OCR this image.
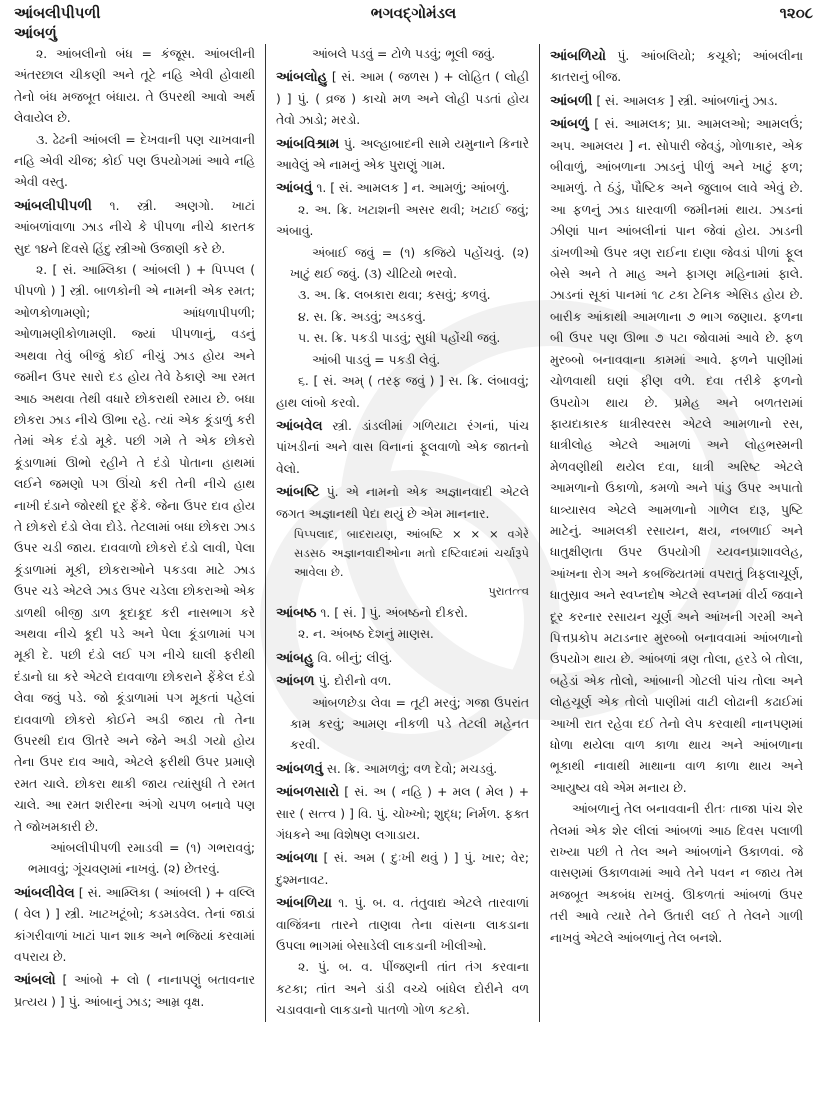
આંબલીપીપળી	ભગવદ્ગોમંડલ	૧૨૦૮
આંબળું

૨. આંબલીનો બંધ = કંજૂસ. આંબલીની અંતરછાલ ચીકણી અને તૂટે નહિ એવી હોવાથી તેનો બંધ મજબૂત બંધાય. તે ઉપરથી આવો અર્થ લેવાયેલ છે.

૩. ઢેઢની આંબલી = દેખવાની પણ ચાખવાની નહિ એવી ચીજ; કોઈ પણ ઉપયોગમાં આવે નહિ એવી વસ્તુ.

આંબલીપીપળી ૧. સ્ત્રી. અણગો. ખાટાં આંબળાંવાળા ઝાડ નીચે કે પીપળા નીચે કારતક સુદ ૧૪ને દિવસે હિંદુ સ્ત્રીઓ ઉજાણી કરે છે.

૨. [ સં. આમ્લિકા ( આંબલી ) + પિપ્પલ ( પીપળો ) ] સ્ત્રી. બાળકોની એ નામની એક રમત; ઓળકોળામણો; આંધળાપીપળી; ઓળામણીકોળામણી. જ્યાં પીપળાનું, વડનું અથવા તેવું બીજું કોઈ નીચું ઝાડ હોય અને જમીન ઉપર સારો દડ હોય તેવે ઠેકાણે આ રમત આઠ અથવા તેથી વધારે છોકરાથી રમાય છે. બધા છોકરા ઝાડ નીચે ઊભા રહે. ત્યાં એક કૂંડાળું કરી તેમાં એક દંડો મૂકે. પછી ગમે તે એક છોકરો કૂંડાળામાં ઊભો રહીને તે દંડો પોતાના હાથમાં લઈને જમણો પગ ઊંચો કરી તેની નીચે હાથ નાખી દંડાને જોરથી દૂર ફેંકે. જેના ઉપર દાવ હોય તે છોકરો દંડો લેવા દોડે. તેટલામાં બધા છોકરા ઝાડ ઉપર ચડી જાય. દાવવાળો છોકરો દંડો લાવી, પેલા કૂંડાળામાં મૂકી, છોકરાઓને પકડવા માટે ઝાડ ઉપર ચડે એટલે ઝાડ ઉપર ચડેલા છોકરાઓ એક ડાળથી બીજી ડાળ કૂદાકૂદ કરી નાસભાગ કરે અથવા નીચે કૂદી પડે અને પેલા કૂંડાળામાં પગ મૂકી દે. પછી દંડો લઈ પગ નીચે ઘાલી ફરીથી દંડાનો ઘા કરે એટલે દાવવાળા છોકરાને ફેંકેલ દંડો લેવા જવું પડે. જો કૂંડાળામાં પગ મૂકતાં પહેલાં દાવવાળો છોકરો કોઈને અડી જાય તો તેના ઉપરથી દાવ ઊતરે અને જેને અડી ગયો હોય તેના ઉપર દાવ આવે, એટલે ફરીથી ઉપર પ્રમાણે રમત ચાલે. છોકરા થાકી જાય ત્યાંસુધી તે રમત ચાલે. આ રમત શરીરના અંગો ચપળ બનાવે પણ તે જોખમકારી છે.

આંબલીપીપળી રમાડવી = (૧) ગભરાવવું; ભમાવવું; ગૂંચવણમાં નાખવું. (૨) છેતરવું.

આંબલીવેલ [ સં. આમ્લિકા ( આંબલી ) + વલ્લિ ( વેલ ) ] સ્ત્રી. ખાટખટૂંબો; કડમડવેલ. તેનાં જાડાં કાંગરીવાળાં ખાટાં પાન શાક અને ભજિયાં કરવામાં વપરાય છે.

આંબલો [ આંબો + લો ( નાનાપણું બતાવનાર પ્રત્યય ) ] પું. આંબાનું ઝાડ; આમ્ર વૃક્ષ.

આંબલે પડવું = ટોળે પડવું; ભૂલી જવું.

આંબલોહુ [ સં. આમ ( જળસ ) + લોહિત ( લોહી ) ] પું. ( વ્રજ ) કાચો મળ અને લોહી પડતાં હોય તેવો ઝાડો; મરડો.

આંબવિશ્રામ પું. અલ્હાબાદની સામે યમુનાને કિનારે આવેલું એ નામનું એક પુરાણું ગામ.

આંબવું ૧. [ સં. આમલક ] ન. આમળું; આંબળું.

૨. અ. ક્રિ. ખટાશની અસર થવી; ખટાઈ જવું; અંબાવું.

અંબાઈ જવું = (૧) કજિયે પહોંચવું. (૨) ખાટું થઈ જવું. (૩) ચીટિયો ભરવો.

૩. અ. ક્રિ. લબકારા થવા; કસવું; કળવું.

૪. સ. ક્રિ. અડવું; અડકવું.

૫. સ. ક્રિ. પકડી પાડવું; સુધી પહોંચી જવું.

આંબી પાડવું = પકડી લેવું.

૬. [ સં. અમ્ ( તરફ જવું ) ] સ. ક્રિ. લંબાવવું; હાથ લાંબો કરવો.

આંબવેલ સ્ત્રી. ડાંડલીમાં ગળિયાટા રંગનાં, પાંચ પાંખડીનાં અને વાસ વિનાનાં ફૂલવાળો એક જાતનો વેલો.

આંબષ્ટિ પું. એ નામનો એક અજ્ઞાનવાદી એટલે જગત અજ્ઞાનથી પેદા થયું છે એમ માનનાર.

પિપ્પલાદ, બાદરાયણ, આંબષ્ટિ × × × વગેરે સડસઠ અજ્ઞાનવાદીઓના મતો દષ્ટિવાદમાં ચર્ચારૂપે આવેલા છે.
પુરાતત્ત્વ

આંબષ્ઠ ૧. [ સં. ] પું. અંબષ્ઠનો દીકરો.

૨. ન. અંબષ્ઠ દેશનું માણસ.

આંબહુ વિ. બીનું; લીલું.

આંબળ પું. દોરીનો વળ.

આંબળછેડા લેવા = તૂટી મરવું; ગજા ઉપરાંત કામ કરવું; આમણ નીકળી પડે તેટલી મહેનત કરવી.

આંબળવું સ. ક્રિ. આમળવું; વળ દેવો; મચડવું.

આંબળસારો [ સં. અ ( નહિ ) + મલ ( મેલ ) + સાર ( સત્ત્વ ) ] વિ. પું. ચોખ્ખો; શુદ્ધ; નિર્મળ. ફક્ત ગંધકને આ વિશેષણ લગાડાય.

આંબળા [ સં. અમ ( દુઃખી થવું ) ] પું. ખાર; વેર; દુશ્મનાવટ.

આંબળિયા ૧. પું. બ. વ. તંતુવાદ્ય એટલે તારવાળાં વાજિંત્રના તારને તાણવા તેના વાંસના લાકડાના ઉપલા ભાગમાં બેસાડેલી લાકડાની ખીલીઓ.

૨. પું. બ. વ. પીંજણની તાંત તંગ કરવાના કટકા; તાંત અને ડાંડી વચ્ચે બાંધેલ દોરીને વળ ચડાવવાનો લાકડાનો પાતળો ગોળ કટકો.

આંબળિયો પું. આંબલિયો; કચૂકો; આંબલીના કાતરાનું બીજ.

આંબળી [ સં. આમલક ] સ્ત્રી. આંબળાંનું ઝાડ.

આંબળું [ સં. આમલક; પ્રા. આમલઓ; આમલઉં; અપ. આમલય ] ન. સોપારી જેવડું, ગોળાકાર, એક બીવાળું, આંબળાના ઝાડનું પીળું અને ખાટું ફળ; આમળું. તે ઠંડું, પૌષ્ટિક અને જુલાબ લાવે એવું છે. આ ફળનું ઝાડ ધારવાળી જમીનમાં થાય. ઝાડનાં ઝીણાં પાન આંબલીનાં પાન જેવાં હોય. ઝાડની ડાંખળીઓ ઉપર ત્રણ રાઈના દાણા જેવડાં પીળાં ફૂલ બેસે અને તે માહ અને ફાગણ મહિનામાં ફાલે. ઝાડનાં સૂકાં પાનમાં ૧૮ ટકા ટેનિક એસિડ હોય છે. બારીક આંકાથી આમળાના ૭ ભાગ જણાય. ફળના બી ઉપર પણ ઊભા ૭ પટા જોવામાં આવે છે. ફળ મુરબ્બો બનાવવાના કામમાં આવે. ફળને પાણીમાં ચોળવાથી ઘણાં ફીણ વળે. દવા તરીકે ફળનો ઉપયોગ થાય છે. પ્રમેહ અને બળતરામાં ફાયદાકારક ધાત્રીસ્વરસ એટલે આમળાનો રસ, ધાત્રીલોહ એટલે આમળાં અને લોહભસ્મની મેળવણીથી થયેલ દવા, ધાત્રી અરિષ્ટ એટલે આમળાનો ઉકાળો, કમળો અને પાંડુ ઉપર અપાતો ધાત્ર્યાસવ એટલે આમળાનો ગાળેલ દારૂ, પુષ્ટિ માટેનું. આમલકી રસાયન, ક્ષય, નબળાઈ અને ધાતુક્ષીણતા ઉપર ઉપયોગી ચ્યવનપ્રાશાવલેહ, આંખના રોગ અને કબજિયતમાં વપરાતું ત્રિફલાચૂર્ણ, ધાતુસ્રાવ અને સ્વપ્નદોષ એટલે સ્વપ્નમાં વીર્ય જવાને દૂર કરનાર રસાયન ચૂર્ણ અને આંખની ગરમી અને પિત્તપ્રકોપ મટાડનાર મુરબ્બો બનાવવામાં આંબળાનો ઉપયોગ થાય છે. આંબળાં ત્રણ તોલા, હરડે બે તોલા, બહેડાં એક તોલો, આંબાની ગોટલી પાંચ તોલા અને લોહચૂર્ણ એક તોલો પાણીમાં વાટી લોઢાની કઢાઈમાં આખી રાત રહેવા દઈ તેનો લેપ કરવાથી નાનપણમાં ધોળા થયેલા વાળ કાળા થાય અને આંબળાના ભૂકાથી નાવાથી માથાના વાળ કાળા થાય અને આયુષ્ય વધે એમ મનાય છે.

આંબળાનું તેલ બનાવવાની રીતઃ તાજા પાંચ શેર તેલમાં એક શેર લીલાં આંબળાં આઠ દિવસ પલાળી રાખ્યા પછી તે તેલ અને આંબળાંને ઉકાળવાં. જે વાસણમાં ઉકાળવામાં આવે તેને પવન ન જાય તેમ મજબૂત અકબંધ રાખવું. ઊકળતાં આંબળાં ઉપર તરી આવે ત્યારે તેને ઉતારી લઈ તે તેલને ગાળી નાખવું એટલે આંબળાનું તેલ બનશે.
